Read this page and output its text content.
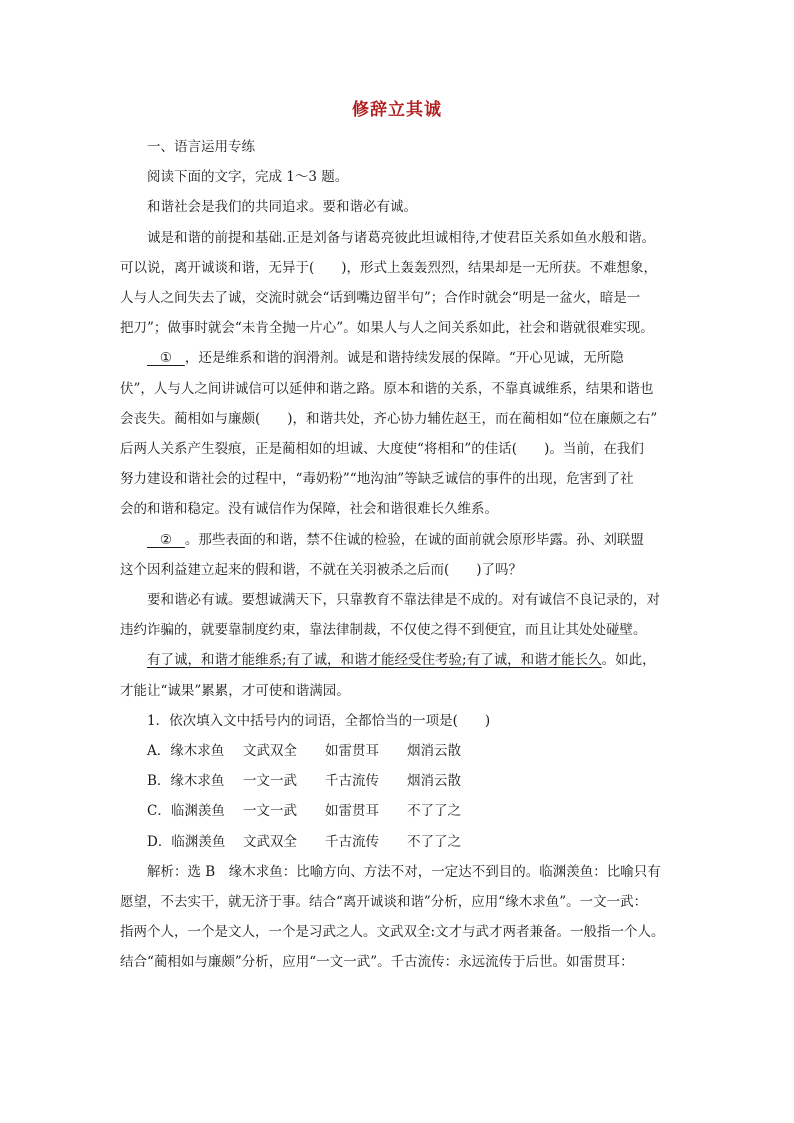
修辞立其诚

一、语言运用专练

阅读下面的文字，完成 1～3 题。

和谐社会是我们的共同追求。要和谐必有诚。

诚是和谐的前提和基础.正是刘备与诸葛亮彼此坦诚相待,才使君臣关系如鱼水般和谐。

可以说，离开诚谈和谐，无异于(　　)，形式上轰轰烈烈，结果却是一无所获。不难想象，

人与人之间失去了诚，交流时就会“话到嘴边留半句”；合作时就会“明是一盆火，暗是一

把刀”；做事时就会“未肯全抛一片心”。如果人与人之间关系如此，社会和谐就很难实现。

① ，还是维系和谐的润滑剂。诚是和谐持续发展的保障。“开心见诚，无所隐

伏”，人与人之间讲诚信可以延伸和谐之路。原本和谐的关系，不靠真诚维系，结果和谐也

会丧失。蔺相如与廉颇(　　)，和谐共处，齐心协力辅佐赵王，而在蔺相如“位在廉颇之右”

后两人关系产生裂痕，正是蔺相如的坦诚、大度使“将相和”的佳话(　　)。当前，在我们

努力建设和谐社会的过程中，“毒奶粉”“地沟油”等缺乏诚信的事件的出现，危害到了社

会的和谐和稳定。没有诚信作为保障，社会和谐很难长久维系。

② 。那些表面的和谐，禁不住诚的检验，在诚的面前就会原形毕露。孙、刘联盟

这个因利益建立起来的假和谐，不就在关羽被杀之后而(　　)了吗？

要和谐必有诚。要想诚满天下，只靠教育不靠法律是不成的。对有诚信不良记录的，对

违约诈骗的，就要靠制度约束，靠法律制裁，不仅使之得不到便宜，而且让其处处碰壁。

有了诚，和谐才能维系;有了诚，和谐才能经受住考验;有了诚，和谐才能长久。如此，

才能让“诚果”累累，才可使和谐满园。

1．依次填入文中括号内的词语，全都恰当的一项是(　　)

A．缘木求鱼 文武双全 如雷贯耳 烟消云散
B．缘木求鱼 一文一武 千古流传 烟消云散
C．临渊羡鱼 一文一武 如雷贯耳 不了了之
D．临渊羡鱼 文武双全 千古流传 不了了之

解析：选 B　缘木求鱼：比喻方向、方法不对，一定达不到目的。临渊羡鱼：比喻只有

愿望，不去实干，就无济于事。结合“离开诚谈和谐”分析，应用“缘木求鱼”。一文一武：

指两个人，一个是文人，一个是习武之人。文武双全:文才与武才两者兼备。一般指一个人。

结合“蔺相如与廉颇”分析，应用“一文一武”。千古流传：永远流传于后世。如雷贯耳：
